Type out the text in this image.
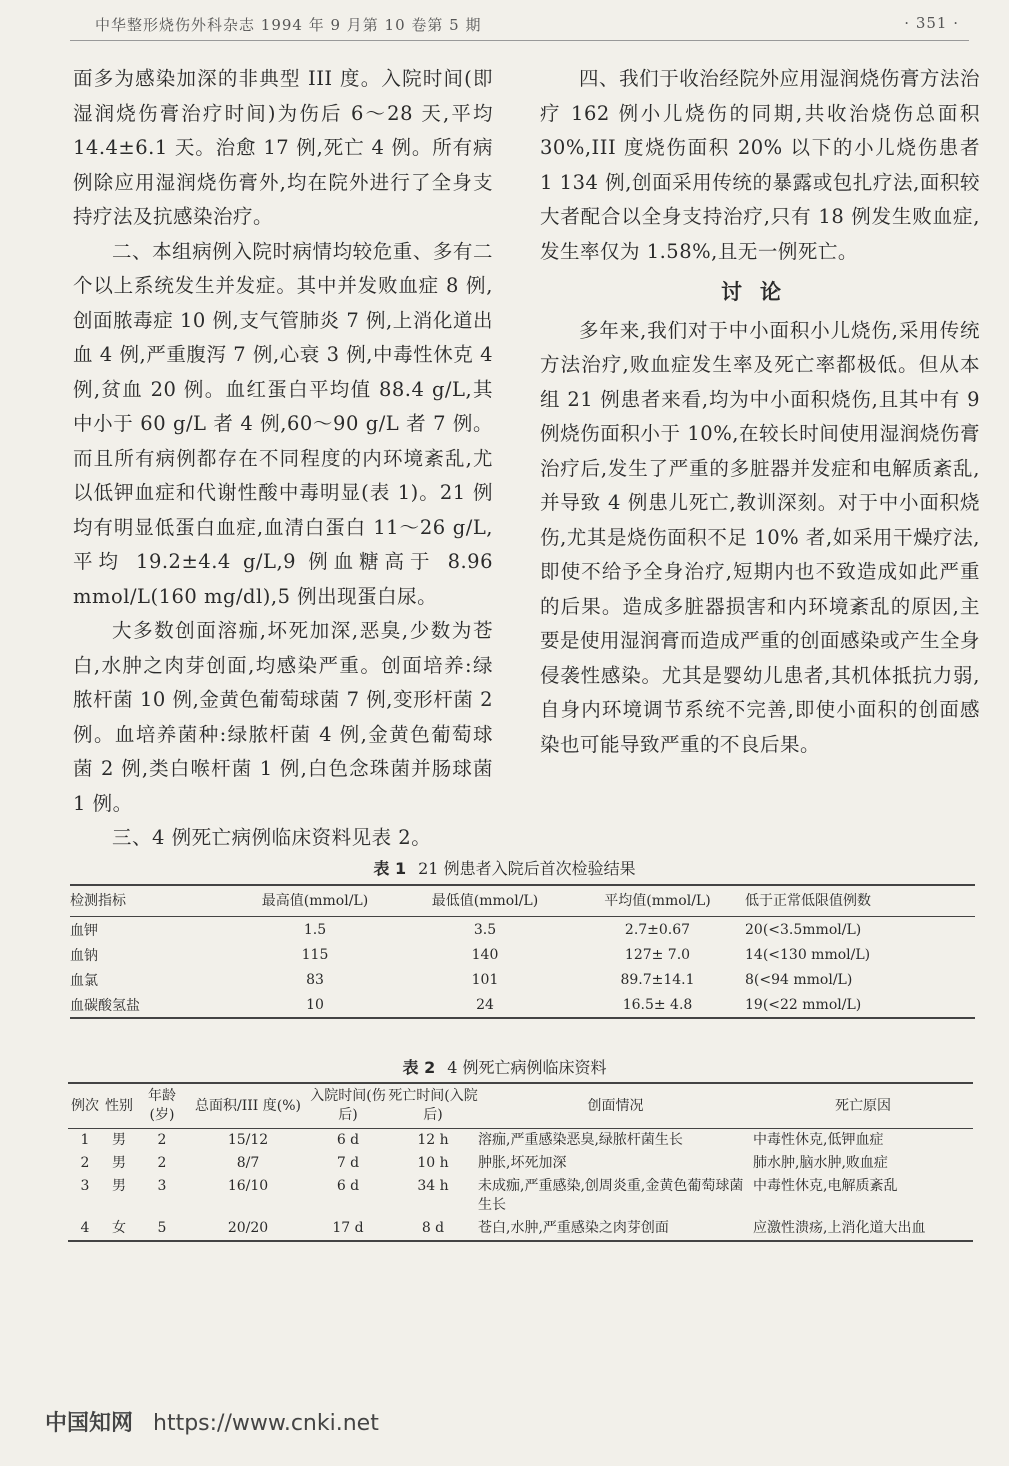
中华整形烧伤外科杂志 1994 年 9 月第 10 卷第 5 期	· 351 ·

面多为感染加深的非典型 III 度。入院时间(即湿润烧伤膏治疗时间)为伤后 6～28 天,平均 14.4±6.1 天。治愈 17 例,死亡 4 例。所有病例除应用湿润烧伤膏外,均在院外进行了全身支持疗法及抗感染治疗。

二、本组病例入院时病情均较危重、多有二个以上系统发生并发症。其中并发败血症 8 例,创面脓毒症 10 例,支气管肺炎 7 例,上消化道出血 4 例,严重腹泻 7 例,心衰 3 例,中毒性休克 4 例,贫血 20 例。血红蛋白平均值 88.4 g/L,其中小于 60 g/L 者 4 例,60～90 g/L 者 7 例。而且所有病例都存在不同程度的内环境紊乱,尤以低钾血症和代谢性酸中毒明显(表 1)。21 例均有明显低蛋白血症,血清白蛋白 11～26 g/L,平均 19.2±4.4 g/L,9 例血糖高于 8.96 mmol/L(160 mg/dl),5 例出现蛋白尿。

大多数创面溶痂,坏死加深,恶臭,少数为苍白,水肿之肉芽创面,均感染严重。创面培养:绿脓杆菌 10 例,金黄色葡萄球菌 7 例,变形杆菌 2 例。血培养菌种:绿脓杆菌 4 例,金黄色葡萄球菌 2 例,类白喉杆菌 1 例,白色念珠菌并肠球菌 1 例。

三、4 例死亡病例临床资料见表 2。

四、我们于收治经院外应用湿润烧伤膏方法治疗 162 例小儿烧伤的同期,共收治烧伤总面积 30%,III 度烧伤面积 20% 以下的小儿烧伤患者 1 134 例,创面采用传统的暴露或包扎疗法,面积较大者配合以全身支持治疗,只有 18 例发生败血症,发生率仅为 1.58%,且无一例死亡。

讨论

多年来,我们对于中小面积小儿烧伤,采用传统方法治疗,败血症发生率及死亡率都极低。但从本组 21 例患者来看,均为中小面积烧伤,且其中有 9 例烧伤面积小于 10%,在较长时间使用湿润烧伤膏治疗后,发生了严重的多脏器并发症和电解质紊乱,并导致 4 例患儿死亡,教训深刻。对于中小面积烧伤,尤其是烧伤面积不足 10% 者,如采用干燥疗法,即使不给予全身治疗,短期内也不致造成如此严重的后果。造成多脏器损害和内环境紊乱的原因,主要是使用湿润膏而造成严重的创面感染或产生全身侵袭性感染。尤其是婴幼儿患者,其机体抵抗力弱,自身内环境调节系统不完善,即使小面积的创面感染也可能导致严重的不良后果。

表 1 21 例患者入院后首次检验结果
检测指标	最高值(mmol/L)	最低值(mmol/L)	平均值(mmol/L)	低于正常低限值例数
血钾	1.5	3.5	2.7±0.67	20(<3.5mmol/L)
血钠	115	140	127± 7.0	14(<130 mmol/L)
血氯	83	101	89.7±14.1	8(<94 mmol/L)
血碳酸氢盐	10	24	16.5± 4.8	19(<22 mmol/L)
表 2 4 例死亡病例临床资料
例次	性别	年龄(岁)	总面积/III 度(%)	入院时间(伤后)	死亡时间(入院后)	创面情况	死亡原因
1	男	2	15/12	6 d	12 h	溶痂,严重感染恶臭,绿脓杆菌生长	中毒性休克,低钾血症
2	男	2	8/7	7 d	10 h	肿胀,坏死加深	肺水肿,脑水肿,败血症
3	男	3	16/10	6 d	34 h	未成痂,严重感染,创周炎重,金黄色葡萄球菌生长	中毒性休克,电解质紊乱
4	女	5	20/20	17 d	8 d	苍白,水肿,严重感染之肉芽创面	应激性溃疡,上消化道大出血
中国知网 https://www.cnki.net
